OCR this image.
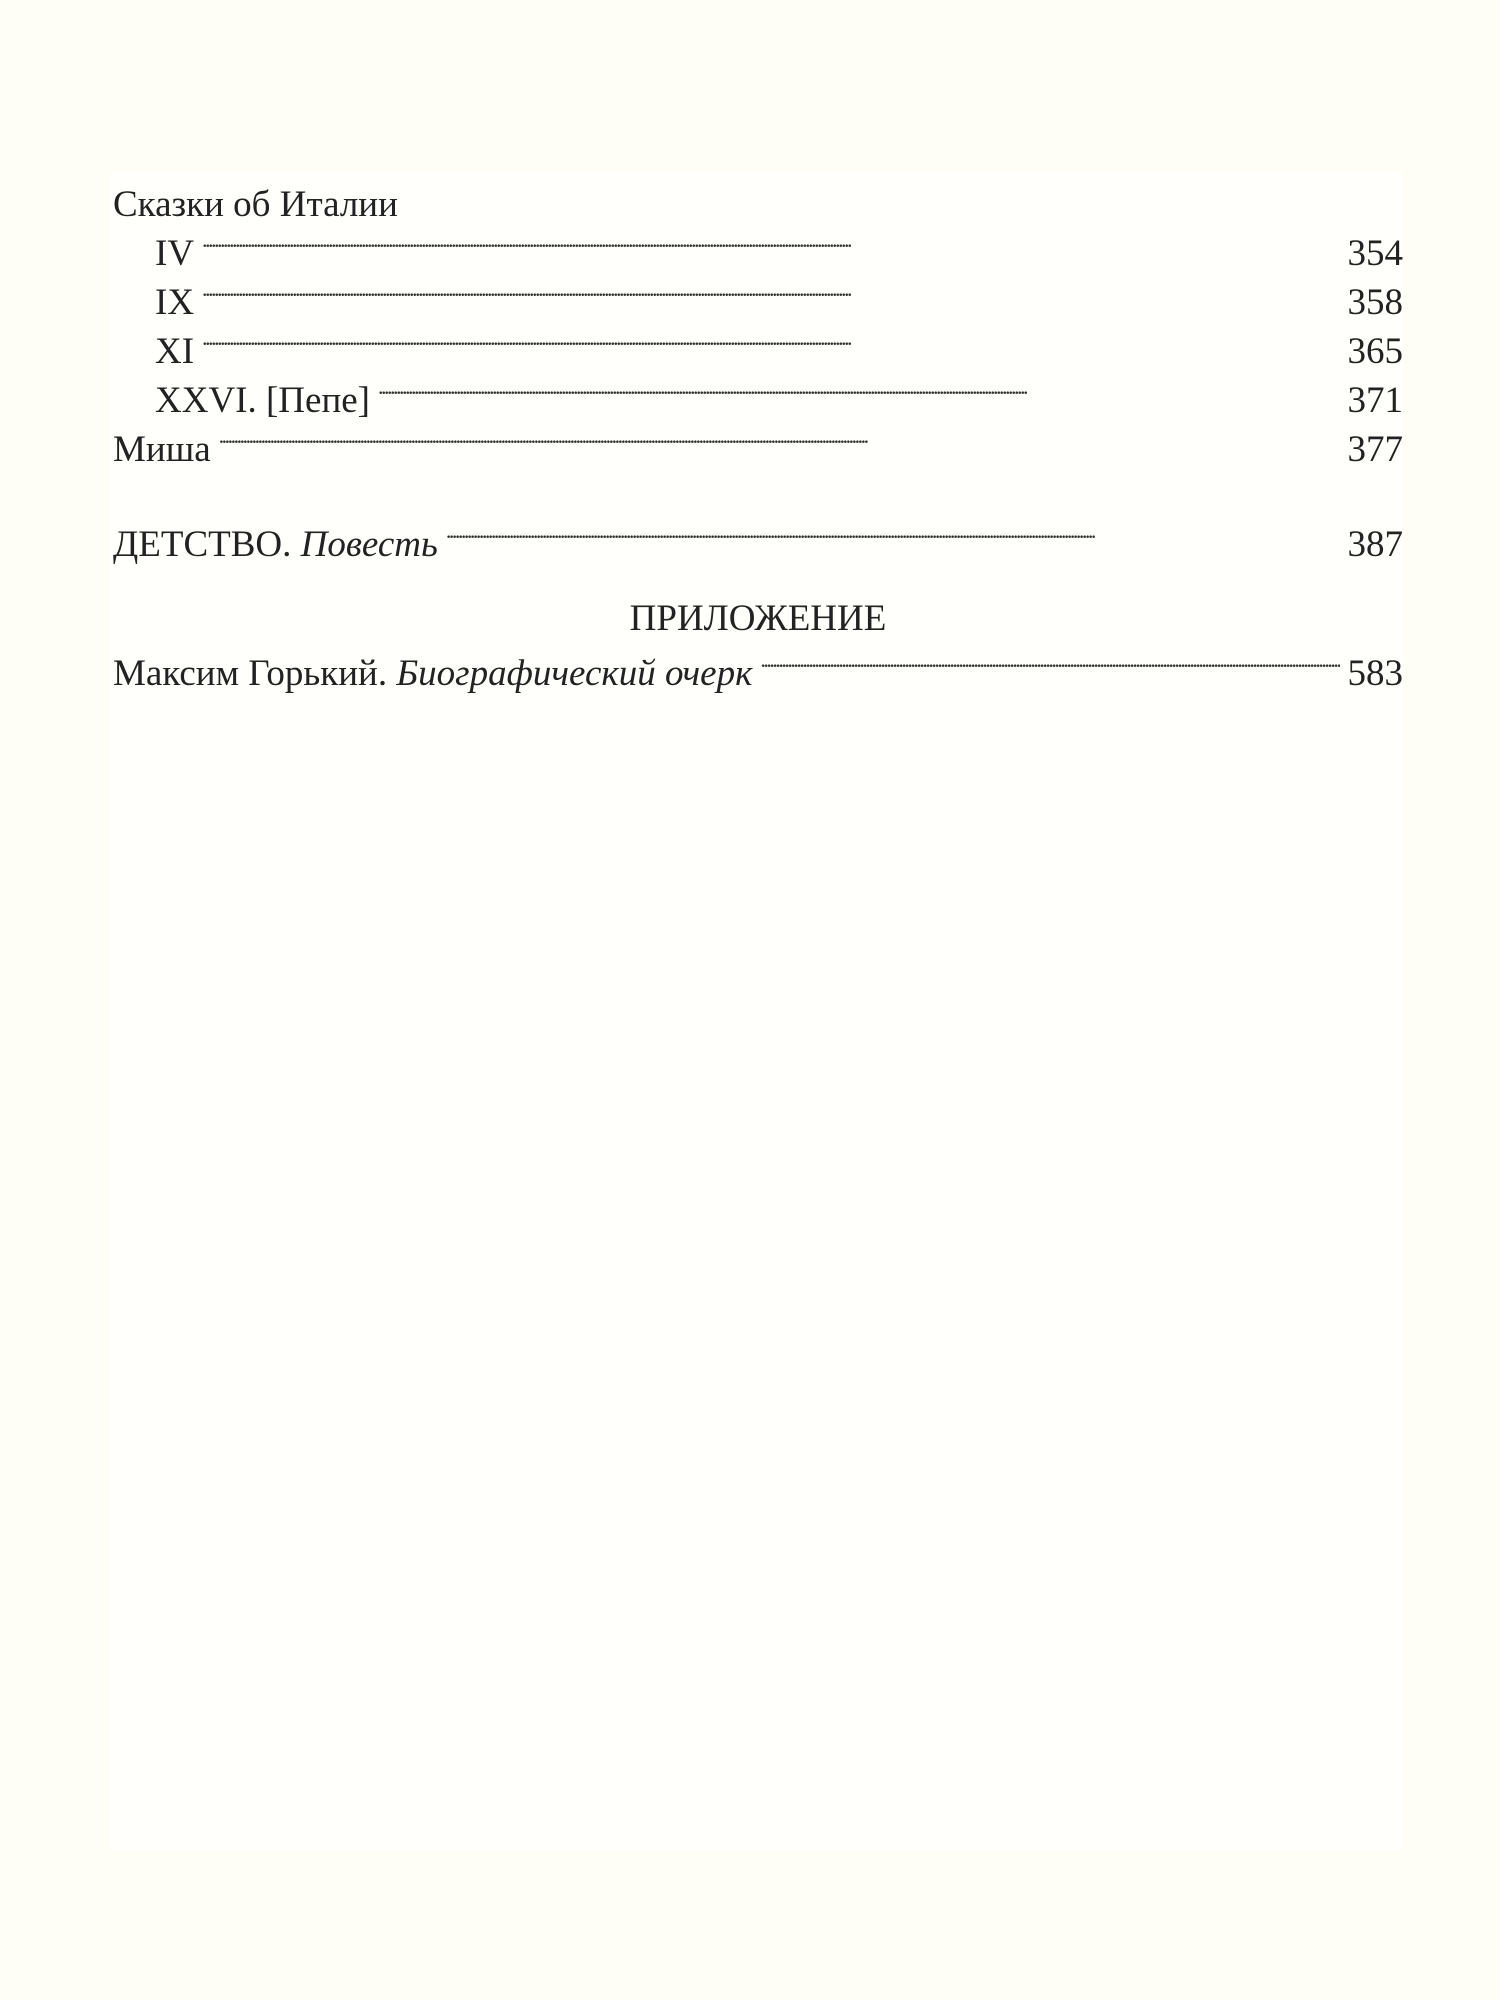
Сказки об Италии
IV . . .	354
IX . . .	358
XI . . .	365
XXVI. [Пепе] . . .	371
Миша . . .	377
ДЕТСТВО. Повесть . . .	387
ПРИЛОЖЕНИЕ
Максим Горький. Биографический очерк . . .	583
